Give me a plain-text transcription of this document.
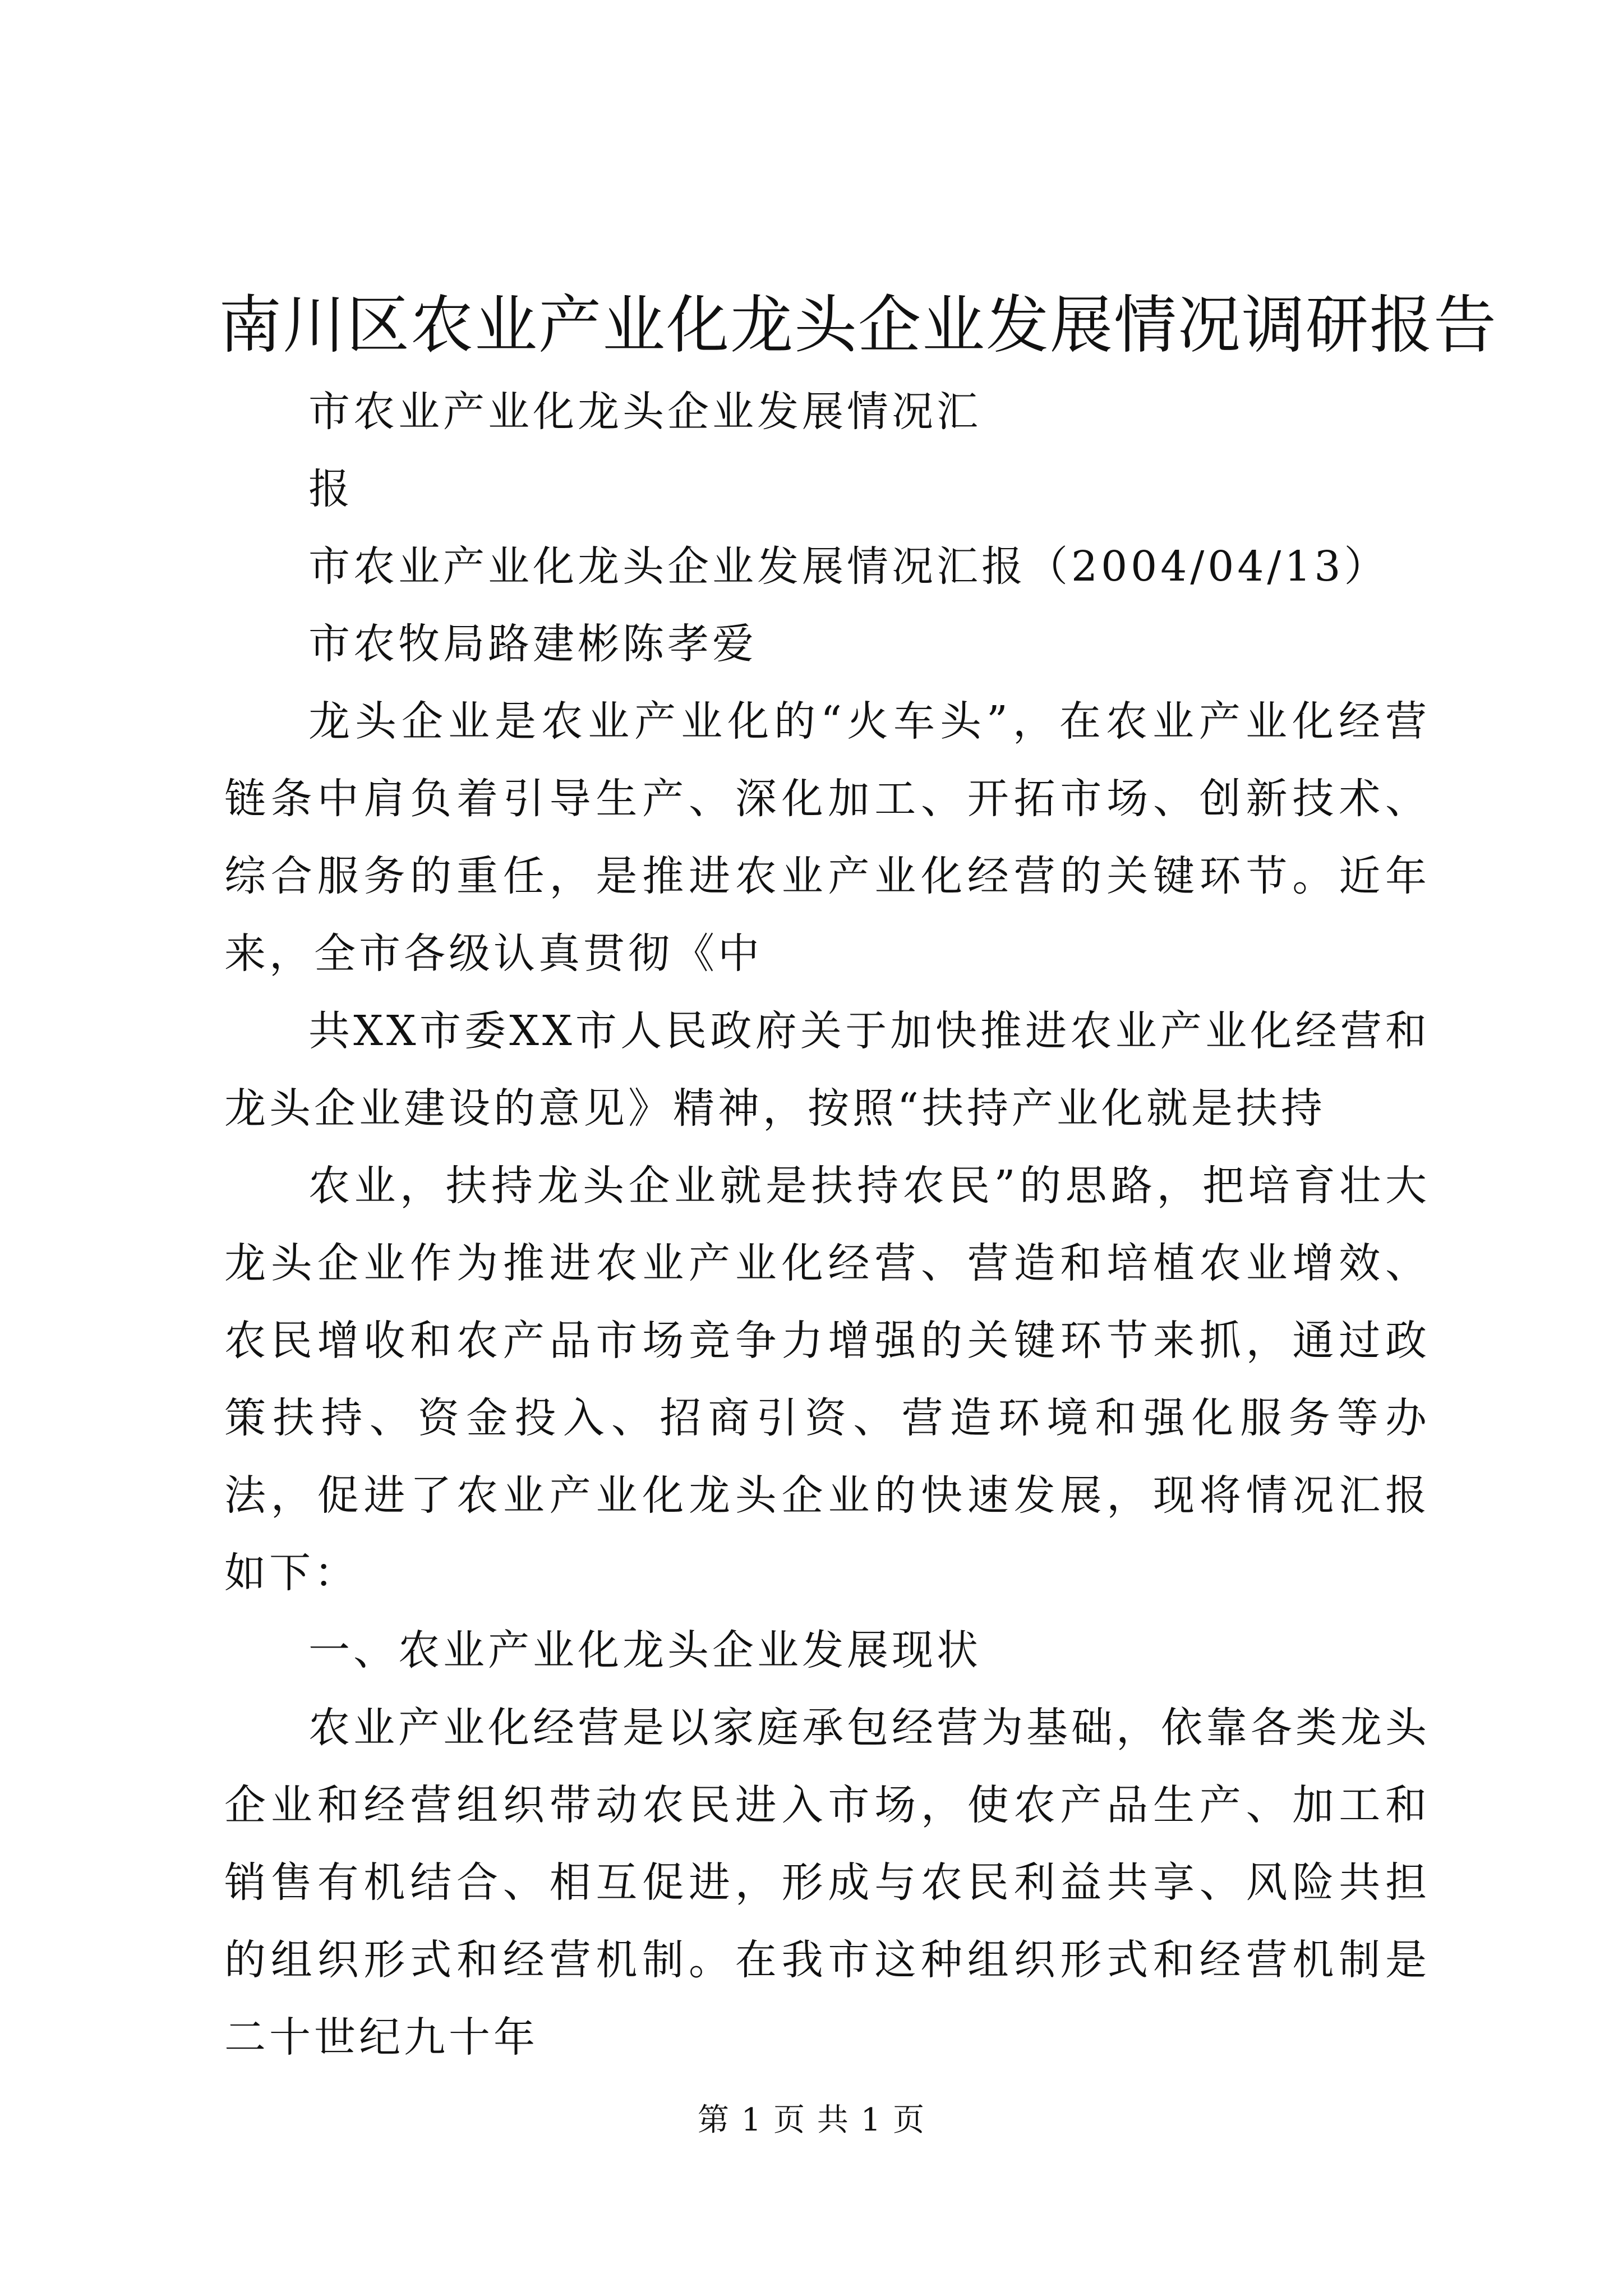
南川区农业产业化龙头企业发展情况调研报告

市农业产业化龙头企业发展情况汇

报

市农业产业化龙头企业发展情况汇报（2004/04/13）

市农牧局路建彬陈孝爱

龙头企业是农业产业化的“火车头”，在农业产业化经营链条中肩负着引导生产、深化加工、开拓市场、创新技术、综合服务的重任，是推进农业产业化经营的关键环节。近年来，全市各级认真贯彻《中

共XX市委XX市人民政府关于加快推进农业产业化经营和龙头企业建设的意见》精神，按照“扶持产业化就是扶持

农业，扶持龙头企业就是扶持农民”的思路，把培育壮大龙头企业作为推进农业产业化经营、营造和培植农业增效、农民增收和农产品市场竞争力增强的关键环节来抓，通过政策扶持、资金投入、招商引资、营造环境和强化服务等办法，促进了农业产业化龙头企业的快速发展，现将情况汇报如下：

一、农业产业化龙头企业发展现状

农业产业化经营是以家庭承包经营为基础，依靠各类龙头企业和经营组织带动农民进入市场，使农产品生产、加工和销售有机结合、相互促进，形成与农民利益共享、风险共担的组织形式和经营机制。在我市这种组织形式和经营机制是二十世纪九十年

第 1 页 共 1 页
